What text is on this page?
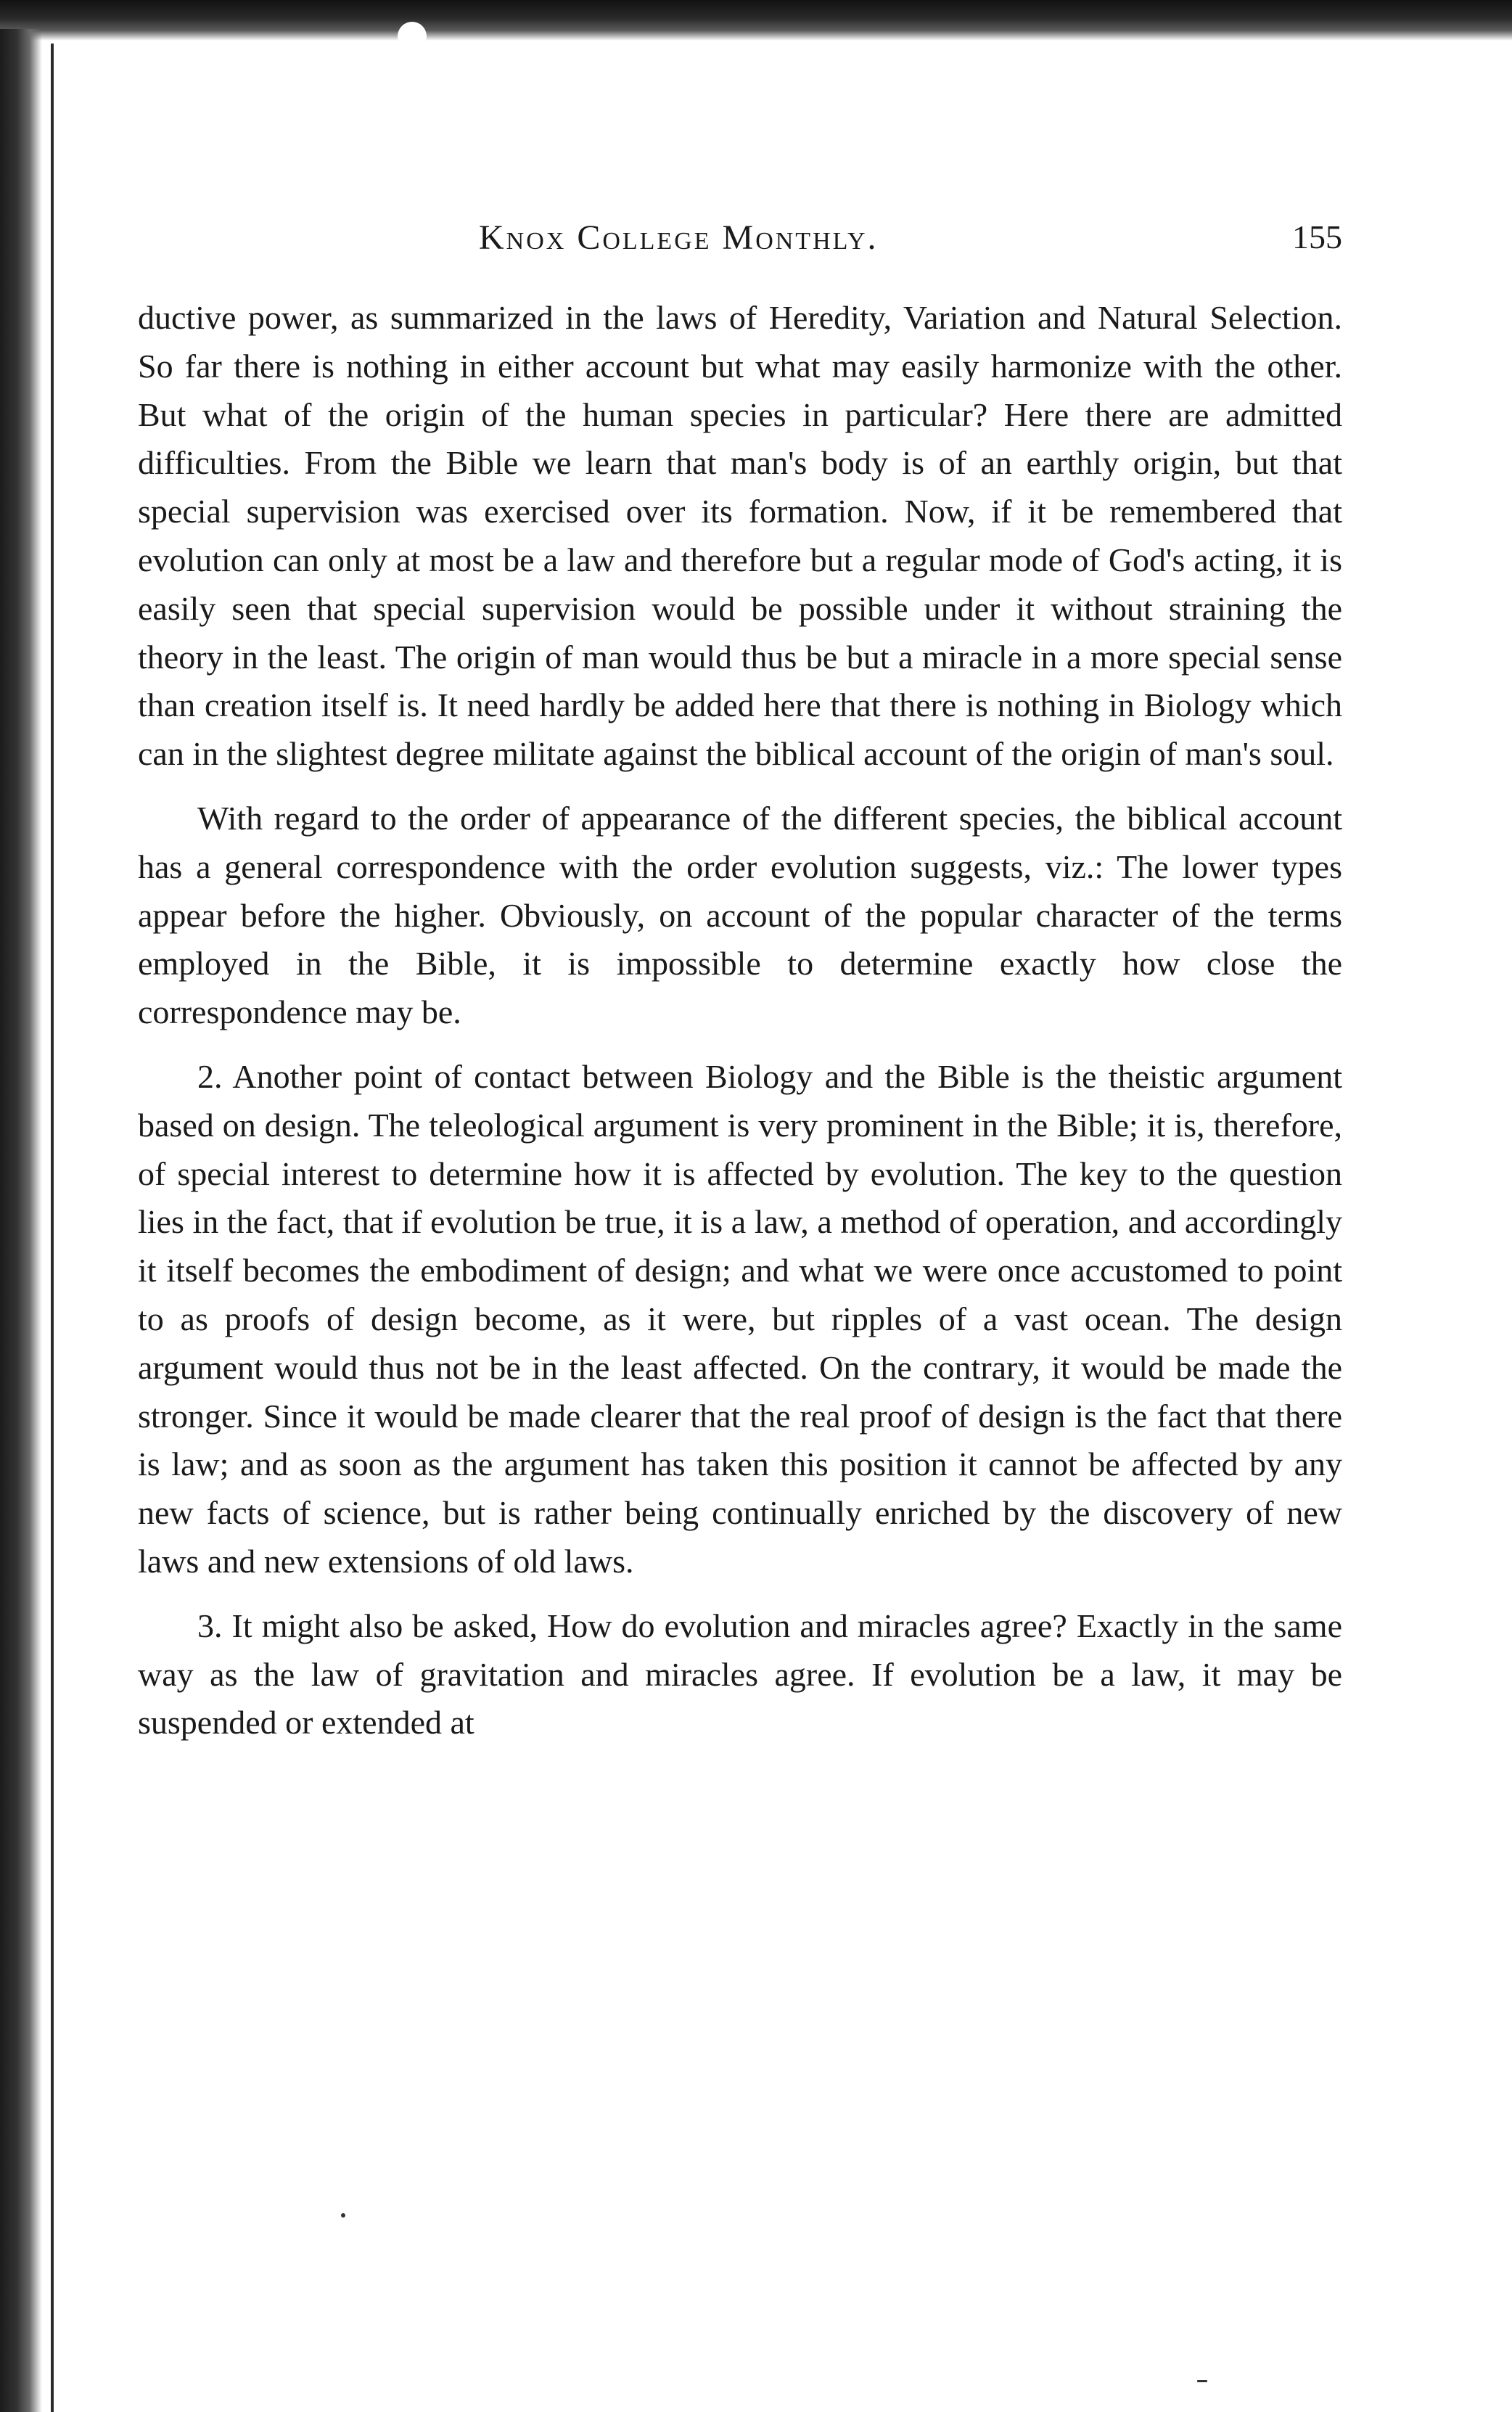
Knox College Monthly.	155

ductive power, as summarized in the laws of Heredity, Variation and Natural Selection. So far there is nothing in either account but what may easily harmonize with the other. But what of the origin of the human species in particular? Here there are admitted difficulties. From the Bible we learn that man's body is of an earthly origin, but that special supervision was exercised over its formation. Now, if it be remembered that evolution can only at most be a law and therefore but a regular mode of God's acting, it is easily seen that special supervision would be possible under it without straining the theory in the least. The origin of man would thus be but a miracle in a more special sense than creation itself is. It need hardly be added here that there is nothing in Biology which can in the slightest degree militate against the biblical account of the origin of man's soul.

With regard to the order of appearance of the different species, the biblical account has a general correspondence with the order evolution suggests, viz.: The lower types appear before the higher. Obviously, on account of the popular character of the terms employed in the Bible, it is impossible to determine exactly how close the correspondence may be.

2. Another point of contact between Biology and the Bible is the theistic argument based on design. The teleological argument is very prominent in the Bible; it is, therefore, of special interest to determine how it is affected by evolution. The key to the question lies in the fact, that if evolution be true, it is a law, a method of operation, and accordingly it itself becomes the embodiment of design; and what we were once accustomed to point to as proofs of design become, as it were, but ripples of a vast ocean. The design argument would thus not be in the least affected. On the contrary, it would be made the stronger. Since it would be made clearer that the real proof of design is the fact that there is law; and as soon as the argument has taken this position it cannot be affected by any new facts of science, but is rather being continually enriched by the discovery of new laws and new extensions of old laws.

3. It might also be asked, How do evolution and miracles agree? Exactly in the same way as the law of gravitation and miracles agree. If evolution be a law, it may be suspended or extended at
